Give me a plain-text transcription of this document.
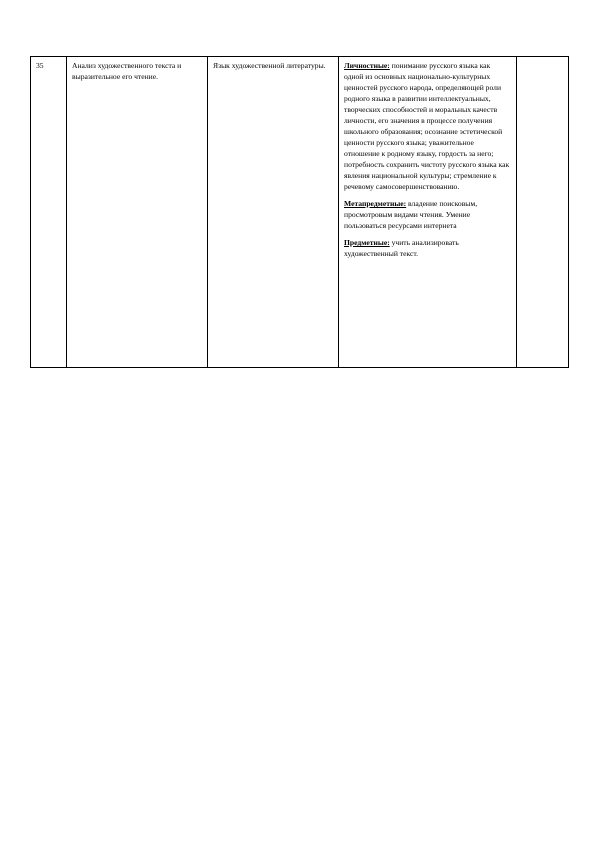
35	Анализ художественного текста и выразительное его чтение.	Язык художественной литературы.	Личностные: понимание русского языка как одной из основных национально-культурных ценностей русского народа, определяющей роли родного языка в развитии интеллектуальных, творческих способностей и моральных качеств личности, его значения в процессе получения школьного образования; осознание эстетической ценности русского языка; уважительное отношение к родному языку, гордость за него; потребность сохранить чистоту русского языка как явления национальной культуры; стремление к речевому самосовершенствованию.

Метапредметные: владение поисковым, просмотровым видами чтения. Умение пользоваться ресурсами интернета

Предметные: учить анализировать художественный текст.
